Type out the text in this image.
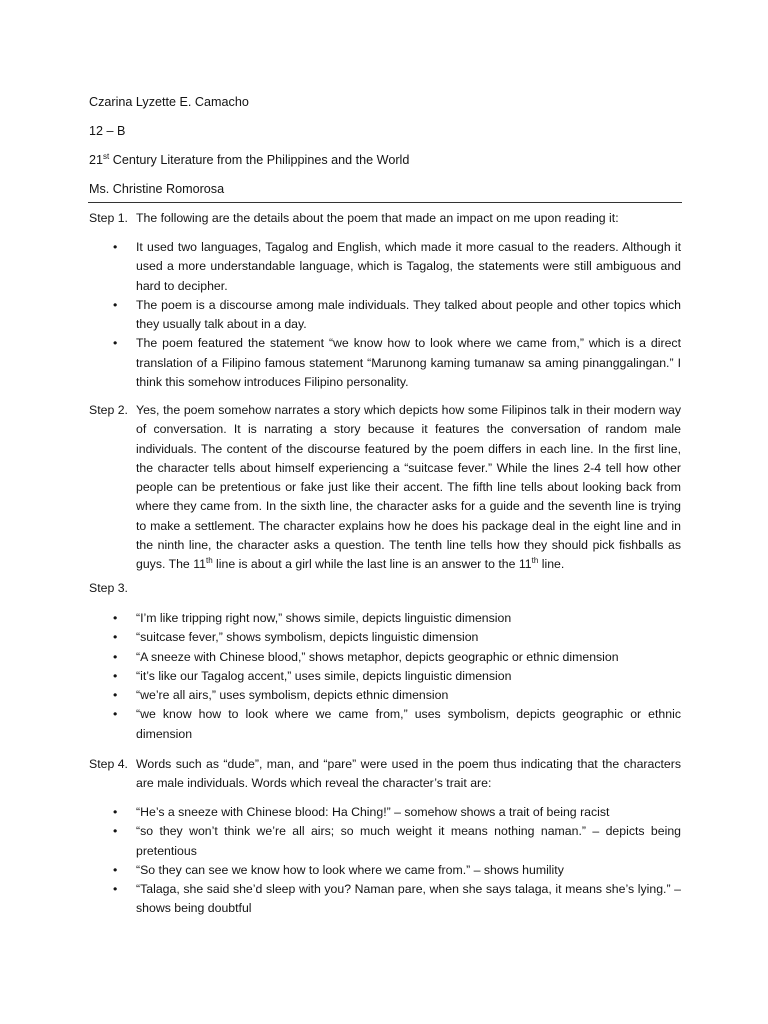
Czarina Lyzette E. Camacho
12 – B
21st Century Literature from the Philippines and the World
Ms. Christine Romorosa
Step 1. The following are the details about the poem that made an impact on me upon reading it:
• It used two languages, Tagalog and English, which made it more casual to the readers. Although it used a more understandable language, which is Tagalog, the statements were still ambiguous and hard to decipher.
• The poem is a discourse among male individuals. They talked about people and other topics which they usually talk about in a day.
• The poem featured the statement “we know how to look where we came from,” which is a direct translation of a Filipino famous statement “Marunong kaming tumanaw sa aming pinanggalingan.” I think this somehow introduces Filipino personality.
Step 2. Yes, the poem somehow narrates a story which depicts how some Filipinos talk in their modern way of conversation. It is narrating a story because it features the conversation of random male individuals. The content of the discourse featured by the poem differs in each line. In the first line, the character tells about himself experiencing a “suitcase fever.” While the lines 2-4 tell how other people can be pretentious or fake just like their accent. The fifth line tells about looking back from where they came from. In the sixth line, the character asks for a guide and the seventh line is trying to make a settlement. The character explains how he does his package deal in the eight line and in the ninth line, the character asks a question. The tenth line tells how they should pick fishballs as guys. The 11th line is about a girl while the last line is an answer to the 11th line.
Step 3.
• “I’m like tripping right now,” shows simile, depicts linguistic dimension
• “suitcase fever,” shows symbolism, depicts linguistic dimension
• “A sneeze with Chinese blood,” shows metaphor, depicts geographic or ethnic dimension
• “it’s like our Tagalog accent,” uses simile, depicts linguistic dimension
• “we’re all airs,” uses symbolism, depicts ethnic dimension
• “we know how to look where we came from,” uses symbolism, depicts geographic or ethnic dimension
Step 4. Words such as “dude”, man, and “pare” were used in the poem thus indicating that the characters are male individuals. Words which reveal the character’s trait are:
• “He’s a sneeze with Chinese blood: Ha Ching!” – somehow shows a trait of being racist
• “so they won’t think we’re all airs; so much weight it means nothing naman.” – depicts being pretentious
• “So they can see we know how to look where we came from.” – shows humility
• “Talaga, she said she’d sleep with you? Naman pare, when she says talaga, it means she’s lying.” – shows being doubtful
